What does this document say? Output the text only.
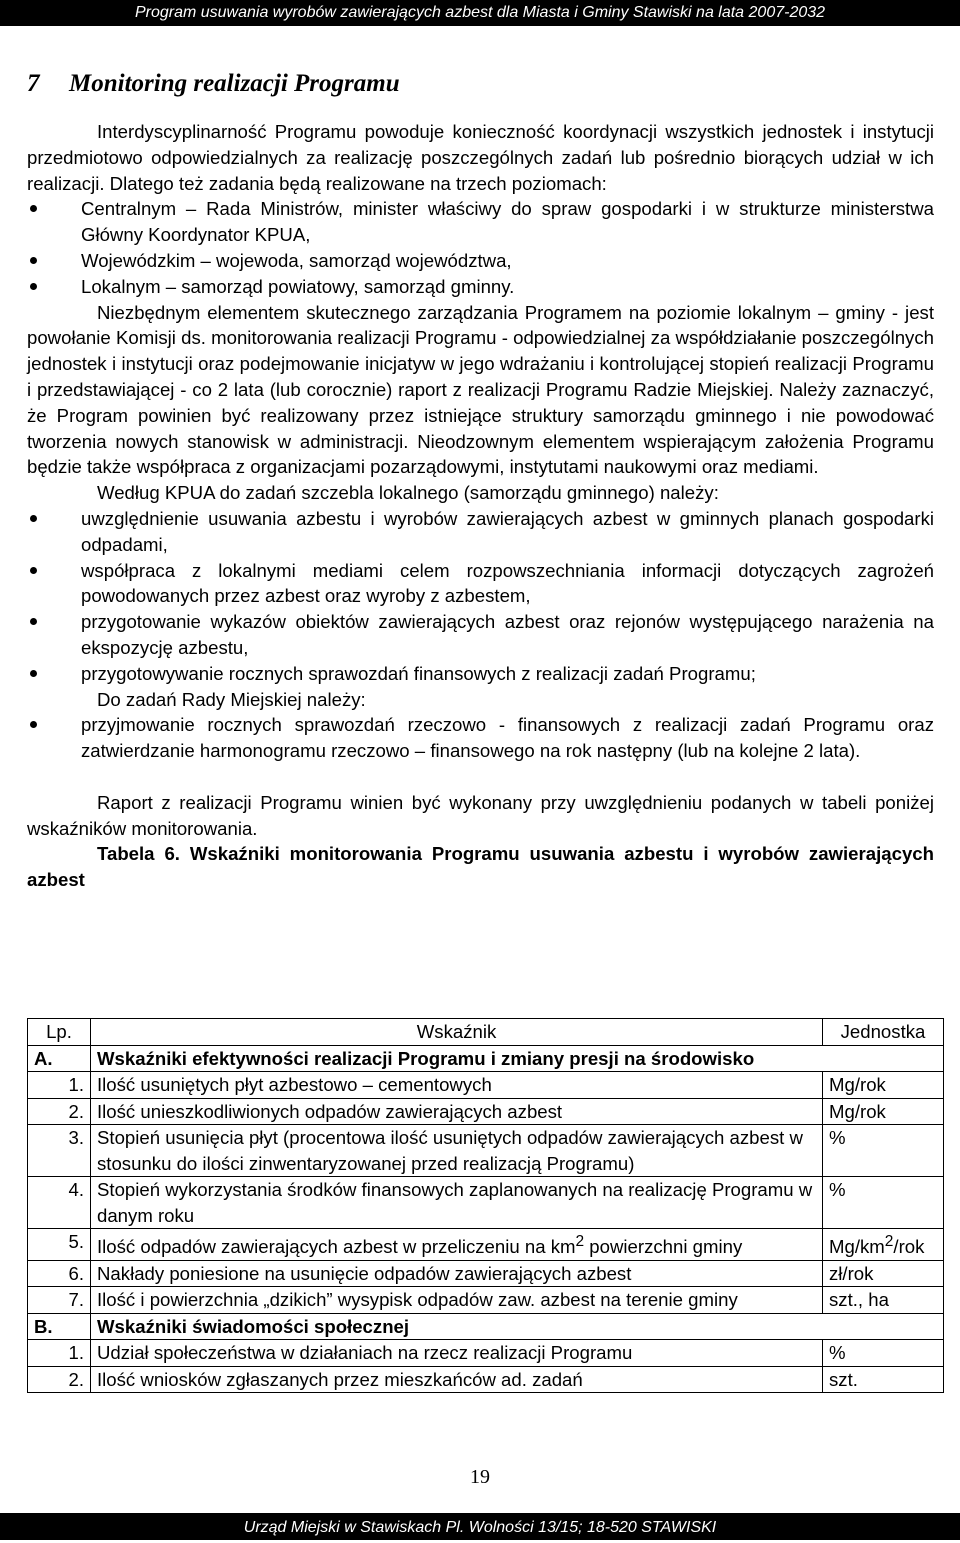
Program usuwania wyrobów zawierających azbest dla Miasta i Gminy Stawiski na lata 2007-2032
7 Monitoring realizacji Programu

Interdyscyplinarność Programu powoduje konieczność koordynacji wszystkich jednostek i instytucji przedmiotowo odpowiedzialnych za realizację poszczególnych zadań lub pośrednio biorących udział w ich realizacji. Dlatego też zadania będą realizowane na trzech poziomach:

Centralnym – Rada Ministrów, minister właściwy do spraw gospodarki i w strukturze ministerstwa Główny Koordynator KPUA,
Wojewódzkim – wojewoda, samorząd województwa,
Lokalnym – samorząd powiatowy, samorząd gminny.

Niezbędnym elementem skutecznego zarządzania Programem na poziomie lokalnym – gminy - jest powołanie Komisji ds. monitorowania realizacji Programu - odpowiedzialnej za współdziałanie poszczególnych jednostek i instytucji oraz podejmowanie inicjatyw w jego wdrażaniu i kontrolującej stopień realizacji Programu i przedstawiającej - co 2 lata (lub corocznie) raport z realizacji Programu Radzie Miejskiej. Należy zaznaczyć, że Program powinien być realizowany przez istniejące struktury samorządu gminnego i nie powodować tworzenia nowych stanowisk w administracji. Nieodzownym elementem wspierającym założenia Programu będzie także współpraca z organizacjami pozarządowymi, instytutami naukowymi oraz mediami.

Według KPUA do zadań szczebla lokalnego (samorządu gminnego) należy:

uwzględnienie usuwania azbestu i wyrobów zawierających azbest w gminnych planach gospodarki odpadami,
współpraca z lokalnymi mediami celem rozpowszechniania informacji dotyczących zagrożeń powodowanych przez azbest oraz wyroby z azbestem,
przygotowanie wykazów obiektów zawierających azbest oraz rejonów występującego narażenia na ekspozycję azbestu,
przygotowywanie rocznych sprawozdań finansowych z realizacji zadań Programu;

Do zadań Rady Miejskiej należy:

przyjmowanie rocznych sprawozdań rzeczowo - finansowych z realizacji zadań Programu oraz zatwierdzanie harmonogramu rzeczowo – finansowego na rok następny (lub na kolejne 2 lata).

Raport z realizacji Programu winien być wykonany przy uwzględnieniu podanych w tabeli poniżej wskaźników monitorowania.

Tabela 6. Wskaźniki monitorowania Programu usuwania azbestu i wyrobów zawierających azbest

Lp.	Wskaźnik	Jednostka
A.	Wskaźniki efektywności realizacji Programu i zmiany presji na środowisko	
1.	Ilość usuniętych płyt azbestowo – cementowych	Mg/rok
2.	Ilość unieszkodliwionych odpadów zawierających azbest	Mg/rok
3.	Stopień usunięcia płyt (procentowa ilość usuniętych odpadów zawierających azbest w stosunku do ilości zinwentaryzowanej przed realizacją Programu)	%
4.	Stopień wykorzystania środków finansowych zaplanowanych na realizację Programu w danym roku	%
5.	Ilość odpadów zawierających azbest w przeliczeniu na $km^2$ powierzchni gminy	$Mg/km^2$/rok
6.	Nakłady poniesione na usunięcie odpadów zawierających azbest	zł/rok
7.	Ilość i powierzchnia „dzikich” wysypisk odpadów zaw. azbest na terenie gminy	szt., ha
B.	Wskaźniki świadomości społecznej	
1.	Udział społeczeństwa w działaniach na rzecz realizacji Programu	%
2.	Ilość wniosków zgłaszanych przez mieszkańców ad. zadań	szt.
19
Urząd Miejski w Stawiskach Pl. Wolności 13/15; 18-520 STAWISKI
